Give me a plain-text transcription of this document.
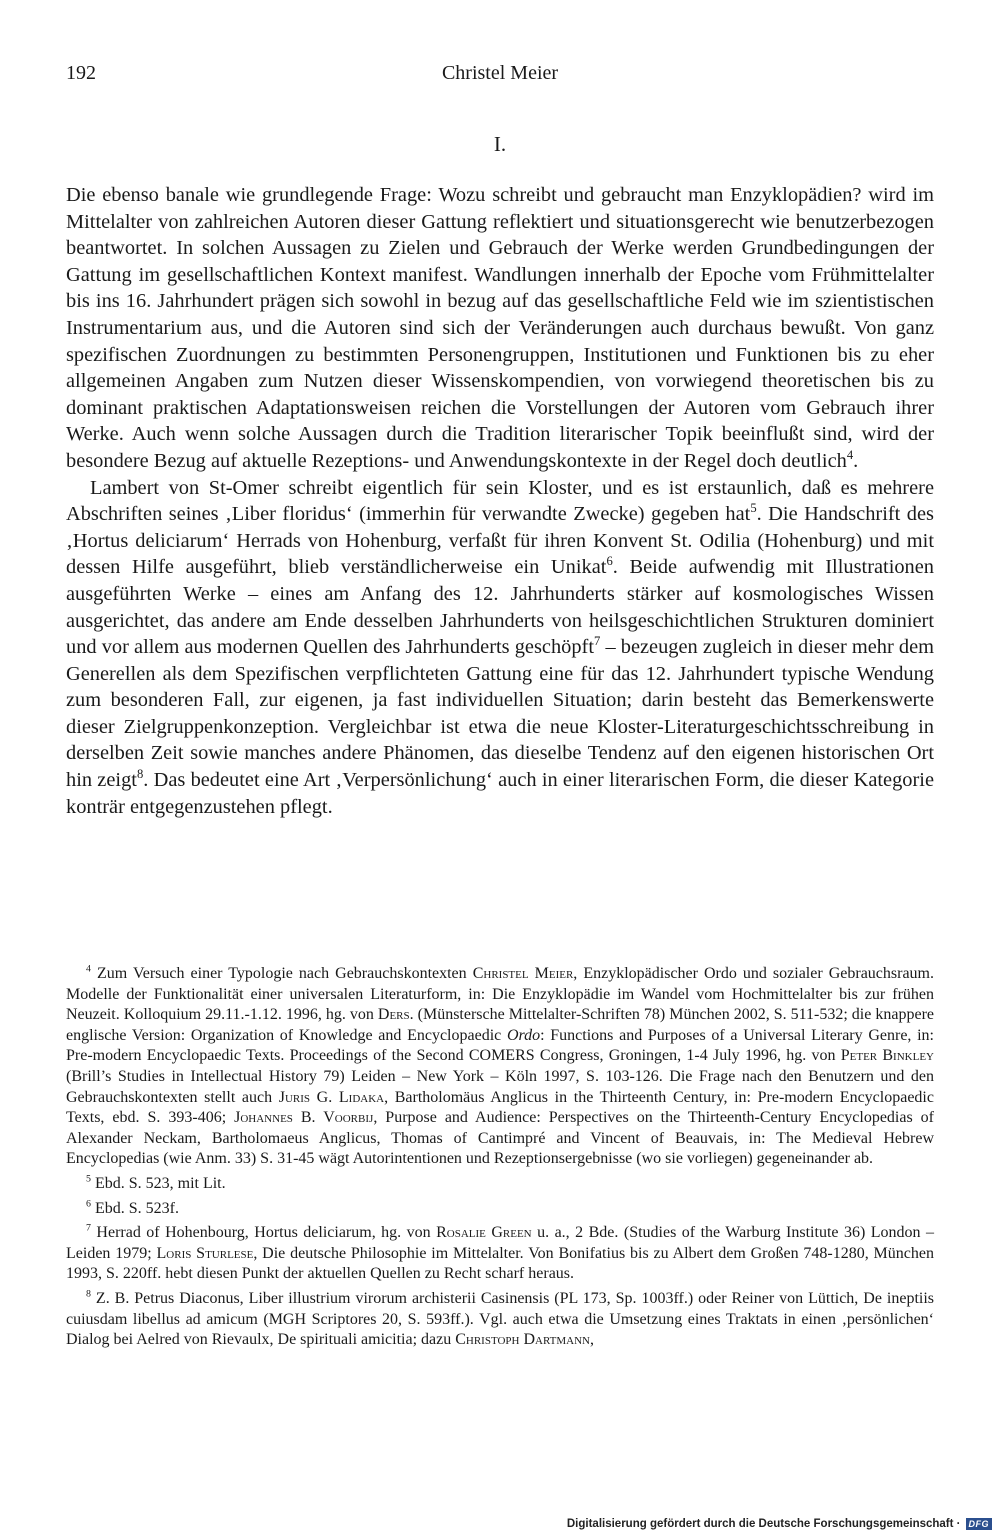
192	Christel Meier
I.

Die ebenso banale wie grundlegende Frage: Wozu schreibt und gebraucht man Enzyklopädien? wird im Mittelalter von zahlreichen Autoren dieser Gattung reflektiert und situationsgerecht wie benutzerbezogen beantwortet. In solchen Aussagen zu Zielen und Gebrauch der Werke werden Grundbedingungen der Gattung im gesellschaftlichen Kontext manifest. Wandlungen innerhalb der Epoche vom Frühmittelalter bis ins 16. Jahrhundert prägen sich sowohl in bezug auf das gesellschaftliche Feld wie im szientistischen Instrumentarium aus, und die Autoren sind sich der Veränderungen auch durchaus bewußt. Von ganz spezifischen Zuordnungen zu bestimmten Personengruppen, Institutionen und Funktionen bis zu eher allgemeinen Angaben zum Nutzen dieser Wissenskompendien, von vorwiegend theoretischen bis zu dominant praktischen Adaptationsweisen reichen die Vorstellungen der Autoren vom Gebrauch ihrer Werke. Auch wenn solche Aussagen durch die Tradition literarischer Topik beeinflußt sind, wird der besondere Bezug auf aktuelle Rezeptions- und Anwendungskontexte in der Regel doch deutlich$^4$.

Lambert von St-Omer schreibt eigentlich für sein Kloster, und es ist erstaunlich, daß es mehrere Abschriften seines ‚Liber floridus‘ (immerhin für verwandte Zwecke) gegeben hat$^5$. Die Handschrift des ‚Hortus deliciarum‘ Herrads von Hohenburg, verfaßt für ihren Konvent St. Odilia (Hohenburg) und mit dessen Hilfe ausgeführt, blieb verständlicherweise ein Unikat$^6$. Beide aufwendig mit Illustrationen ausgeführten Werke – eines am Anfang des 12. Jahrhunderts stärker auf kosmologisches Wissen ausgerichtet, das andere am Ende desselben Jahrhunderts von heilsgeschichtlichen Strukturen dominiert und vor allem aus modernen Quellen des Jahrhunderts geschöpft$^7$ – bezeugen zugleich in dieser mehr dem Generellen als dem Spezifischen verpflichteten Gattung eine für das 12. Jahrhundert typische Wendung zum besonderen Fall, zur eigenen, ja fast individuellen Situation; darin besteht das Bemerkenswerte dieser Zielgruppenkonzeption. Vergleichbar ist etwa die neue Kloster-Literaturgeschichtsschreibung in derselben Zeit sowie manches andere Phänomen, das dieselbe Tendenz auf den eigenen historischen Ort hin zeigt$^8$. Das bedeutet eine Art ‚Verpersönlichung‘ auch in einer literarischen Form, die dieser Kategorie konträr entgegenzustehen pflegt.

$^4$ Zum Versuch einer Typologie nach Gebrauchskontexten Christel Meier, Enzyklopädischer Ordo und sozialer Gebrauchsraum. Modelle der Funktionalität einer universalen Literaturform, in: Die Enzyklopädie im Wandel vom Hochmittelalter bis zur frühen Neuzeit. Kolloquium 29.11.-1.12. 1996, hg. von Ders. (Münstersche Mittelalter-Schriften 78) München 2002, S. 511-532; die knappere englische Version: Organization of Knowledge and Encyclopaedic Ordo: Functions and Purposes of a Universal Literary Genre, in: Pre-modern Encyclopaedic Texts. Proceedings of the Second COMERS Congress, Groningen, 1-4 July 1996, hg. von Peter Binkley (Brill’s Studies in Intellectual History 79) Leiden – New York – Köln 1997, S. 103-126. Die Frage nach den Benutzern und den Gebrauchskontexten stellt auch Juris G. Lidaka, Bartholomäus Anglicus in the Thirteenth Century, in: Pre-modern Encyclopaedic Texts, ebd. S. 393-406; Johannes B. Voorbij, Purpose and Audience: Perspectives on the Thirteenth-Century Encyclopedias of Alexander Neckam, Bartholomaeus Anglicus, Thomas of Cantimpré and Vincent of Beauvais, in: The Medieval Hebrew Encyclopedias (wie Anm. 33) S. 31-45 wägt Autorintentionen und Rezeptionsergebnisse (wo sie vorliegen) gegeneinander ab.

$^5$ Ebd. S. 523, mit Lit.

$^6$ Ebd. S. 523f.

$^7$ Herrad of Hohenbourg, Hortus deliciarum, hg. von Rosalie Green u. a., 2 Bde. (Studies of the Warburg Institute 36) London – Leiden 1979; Loris Sturlese, Die deutsche Philosophie im Mittelalter. Von Bonifatius bis zu Albert dem Großen 748-1280, München 1993, S. 220ff. hebt diesen Punkt der aktuellen Quellen zu Recht scharf heraus.

$^8$ Z. B. Petrus Diaconus, Liber illustrium virorum archisterii Casinensis (PL 173, Sp. 1003ff.) oder Reiner von Lüttich, De ineptiis cuiusdam libellus ad amicum (MGH Scriptores 20, S. 593ff.). Vgl. auch etwa die Umsetzung eines Traktats in einen ‚persönlichen‘ Dialog bei Aelred von Rievaulx, De spirituali amicitia; dazu Christoph Dartmann,

Digitalisierung gefördert durch die Deutsche Forschungsgemeinschaft · DFG
